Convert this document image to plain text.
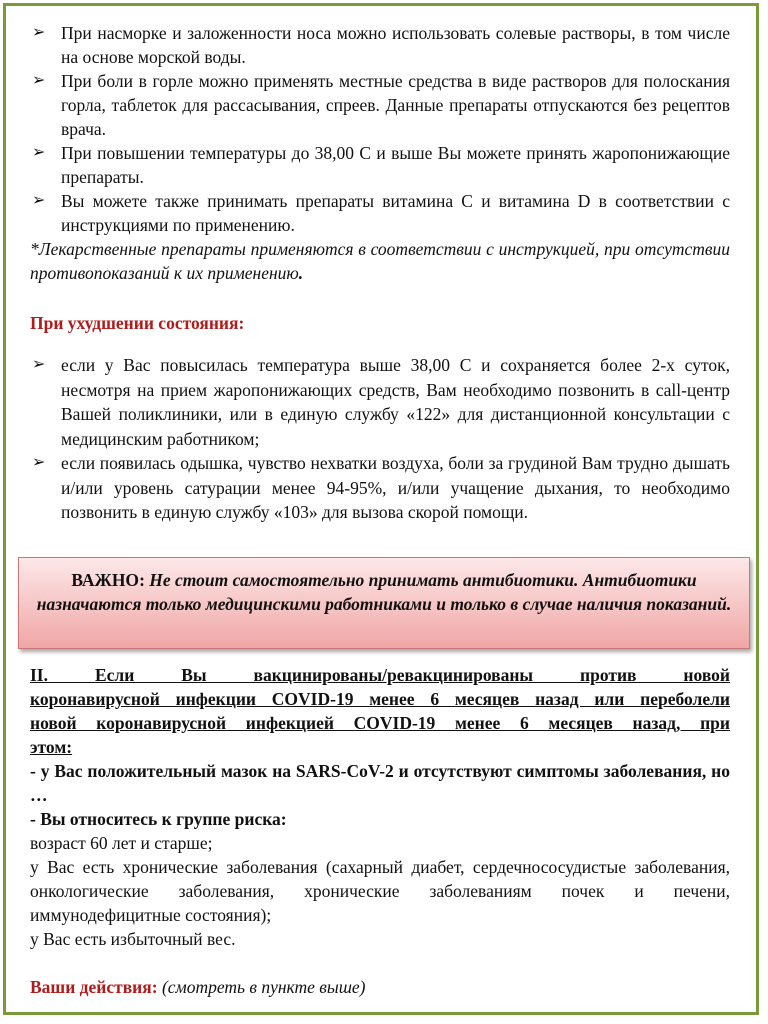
➢ При насморке и заложенности носа можно использовать солевые растворы, в том числе на основе морской воды.
➢ При боли в горле можно применять местные средства в виде растворов для полоскания горла, таблеток для рассасывания, спреев. Данные препараты отпускаются без рецептов врача.
➢ При повышении температуры до 38,00 С и выше Вы можете принять жаропонижающие препараты.
➢ Вы можете также принимать препараты витамина С и витамина D в соответствии с инструкциями по применению.
*Лекарственные препараты применяются в соответствии с инструкцией, при отсутствии противопоказаний к их применению.
При ухудшении состояния:
➢ если у Вас повысилась температура выше 38,00 С и сохраняется более 2-х суток, несмотря на прием жаропонижающих средств, Вам необходимо позвонить в call-центр Вашей поликлиники, или в единую службу «122» для дистанционной консультации с медицинским работником;
➢ если появилась одышка, чувство нехватки воздуха, боли за грудиной Вам трудно дышать и/или уровень сатурации менее 94-95%, и/или учащение дыхания, то необходимо позвонить в единую службу «103» для вызова скорой помощи.
ВАЖНО: Не стоит самостоятельно принимать антибиотики. Антибиотики назначаются только медицинскими работниками и только в случае наличия показаний.
II. Если Вы вакцинированы/ревакцинированы против новой
коронавирусной инфекции COVID-19 менее 6 месяцев назад или переболели
новой коронавирусной инфекцией COVID-19 менее 6 месяцев назад, при
этом:
- у Вас положительный мазок на SARS-CoV-2 и отсутствуют симптомы заболевания, но …
- Вы относитесь к группе риска:
возраст 60 лет и старше;
у Вас есть хронические заболевания (сахарный диабет, сердечнососудистые заболевания, онкологические заболевания, хронические заболеваниям почек и печени, иммунодефицитные состояния);
у Вас есть избыточный вес.
Ваши действия: (смотреть в пункте выше)
